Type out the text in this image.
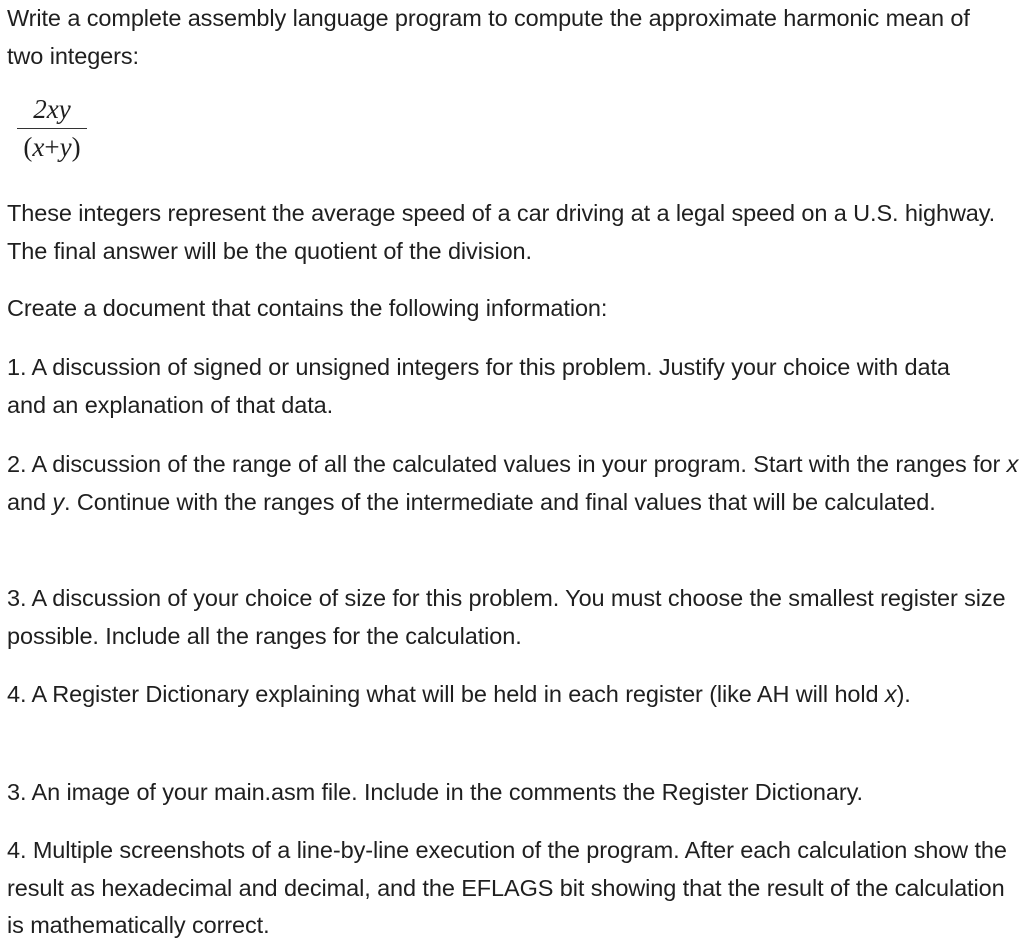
Write a complete assembly language program to compute the approximate harmonic mean of two integers:

2xy
(x+y)

These integers represent the average speed of a car driving at a legal speed on a U.S. highway. The final answer will be the quotient of the division.

Create a document that contains the following information:

1. A discussion of signed or unsigned integers for this problem. Justify your choice with data and an explanation of that data.

2. A discussion of the range of all the calculated values in your program. Start with the ranges for x and y. Continue with the ranges of the intermediate and final values that will be calculated.

3. A discussion of your choice of size for this problem. You must choose the smallest register size possible. Include all the ranges for the calculation.

4. A Register Dictionary explaining what will be held in each register (like AH will hold x).

3. An image of your main.asm file. Include in the comments the Register Dictionary.

4. Multiple screenshots of a line-by-line execution of the program. After each calculation show the result as hexadecimal and decimal, and the EFLAGS bit showing that the result of the calculation is mathematically correct.
